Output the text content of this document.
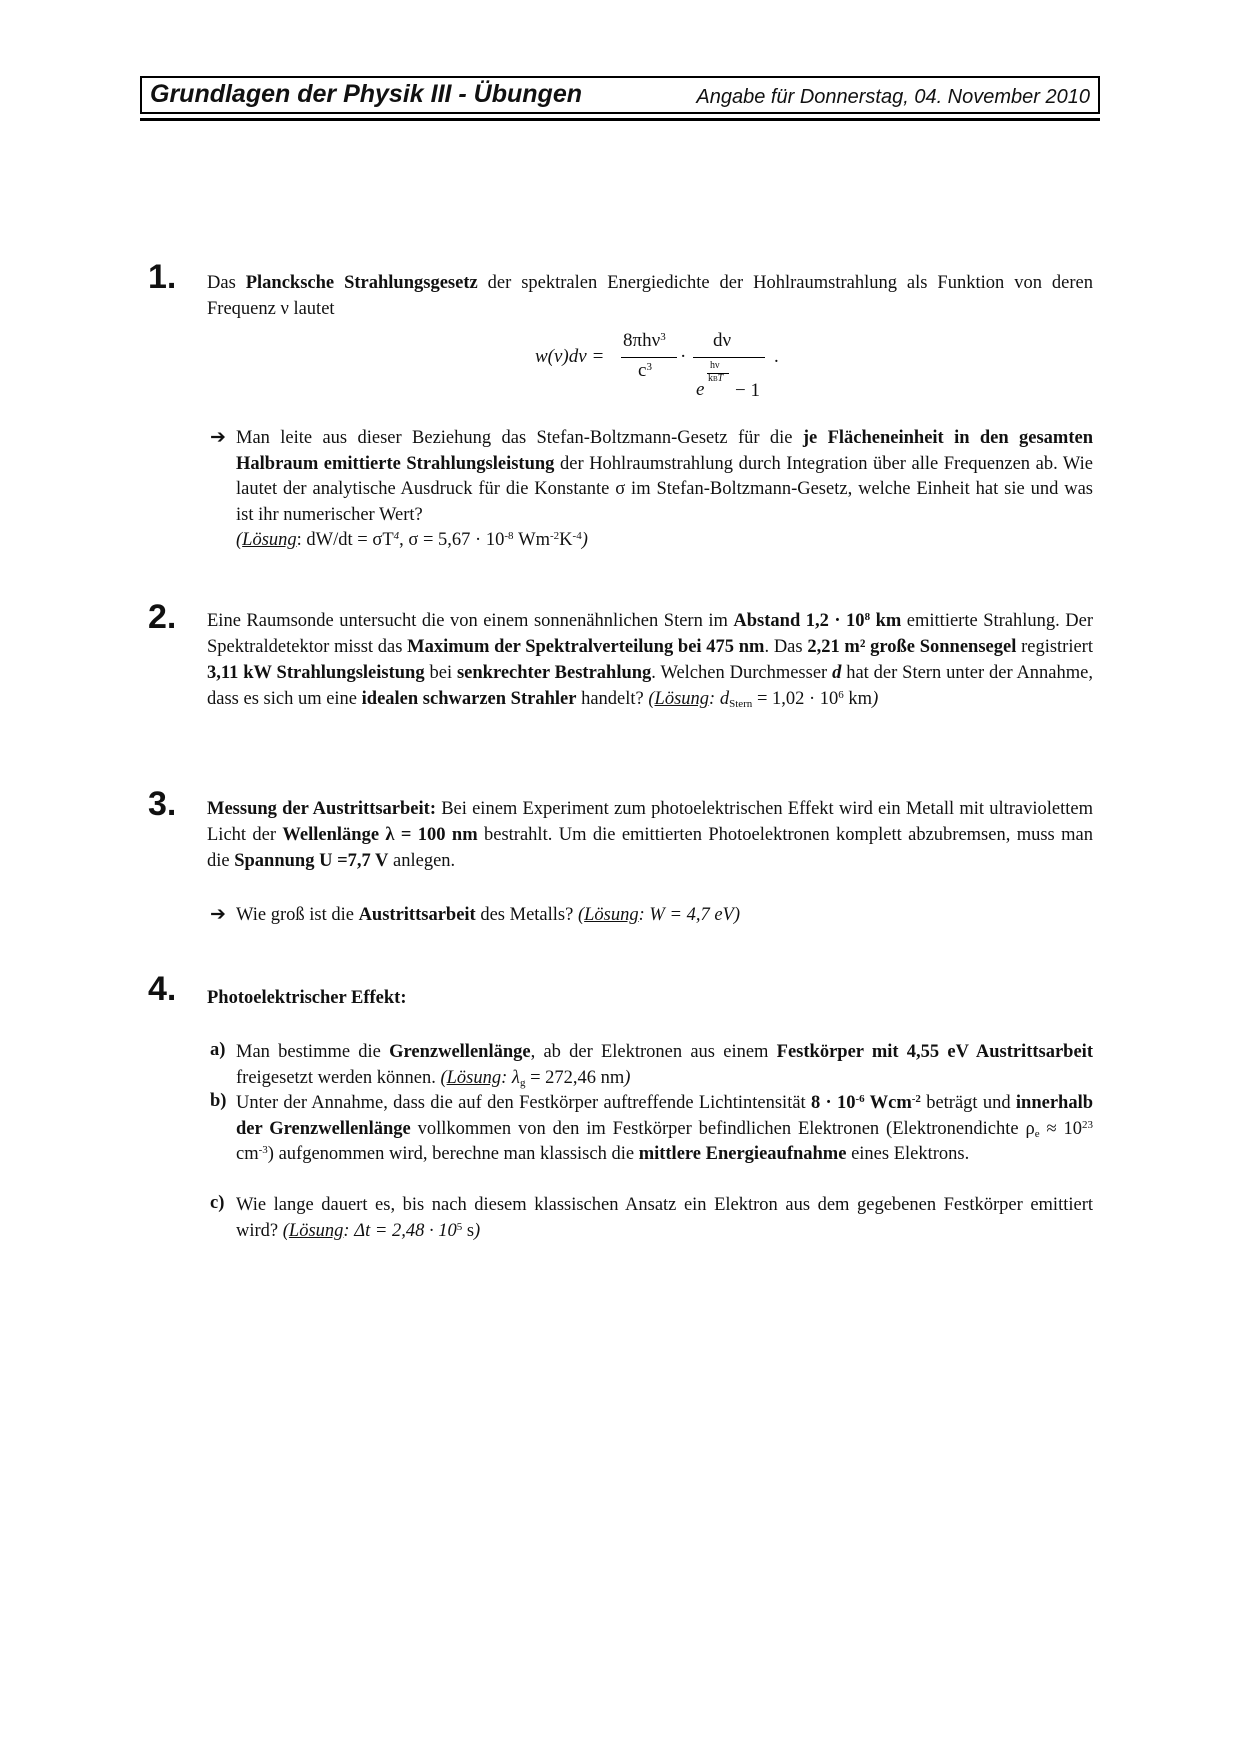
Grundlagen der Physik III - Übungen	Angabe für Donnerstag, 04. November 2010
1. Das Plancksche Strahlungsgesetz der spektralen Energiedichte der Hohlraumstrahlung als Funktion von deren Frequenz ν lautet
w(ν)dν =
8πhν$^3$
$c^3$ ·
dν
e
hν
kBT
− 1
.
➔ Man leite aus dieser Beziehung das Stefan-Boltzmann-Gesetz für die je Flächeneinheit in den gesamten Halbraum emittierte Strahlungsleistung der Hohlraumstrahlung durch Integration über alle Frequenzen ab. Wie lautet der analytische Ausdruck für die Konstante σ im Stefan-Boltzmann-Gesetz, welche Einheit hat sie und was ist ihr numerischer Wert?
(Lösung: $dW/dt = \sigma T^4$, $\sigma = 5,67 \cdot 10^{-8}$ $Wm^{-2}K^{-4}$)
2. Eine Raumsonde untersucht die von einem sonnenähnlichen Stern im Abstand $1,2 \cdot 10^8$ km emittierte Strahlung. Der Spektraldetektor misst das Maximum der Spektralverteilung bei 475 nm. Das 2,21 m² große Sonnensegel registriert 3,11 kW Strahlungsleistung bei senkrechter Bestrahlung. Welchen Durchmesser d hat der Stern unter der Annahme, dass es sich um eine idealen schwarzen Strahler handelt? (Lösung: $d_{Stern} = 1,02 \cdot 10^6$ km)
3. Messung der Austrittsarbeit: Bei einem Experiment zum photoelektrischen Effekt wird ein Metall mit ultraviolettem Licht der Wellenlänge λ = 100 nm bestrahlt. Um die emittierten Photoelektronen komplett abzubremsen, muss man die Spannung U =7,7 V anlegen.
➔ Wie groß ist die Austrittsarbeit des Metalls? (Lösung: W = 4,7 eV)
4. Photoelektrischer Effekt:
a) Man bestimme die Grenzwellenlänge, ab der Elektronen aus einem Festkörper mit 4,55 eV Austrittsarbeit freigesetzt werden können. (Lösung: $\lambda_g = 272,46$ nm)
b) Unter der Annahme, dass die auf den Festkörper auftreffende Lichtintensität $8 \cdot 10^{-6}$ Wcm$^{-2}$ beträgt und innerhalb der Grenzwellenlänge vollkommen von den im Festkörper befindlichen Elektronen (Elektronendichte $\rho_e \approx 10^{23}$ $cm^{-3}$) aufgenommen wird, berechne man klassisch die mittlere Energieaufnahme eines Elektrons.
c) Wie lange dauert es, bis nach diesem klassischen Ansatz ein Elektron aus dem gegebenen Festkörper emittiert wird? (Lösung: $\Delta t = 2,48 \cdot 10^5$ s)
